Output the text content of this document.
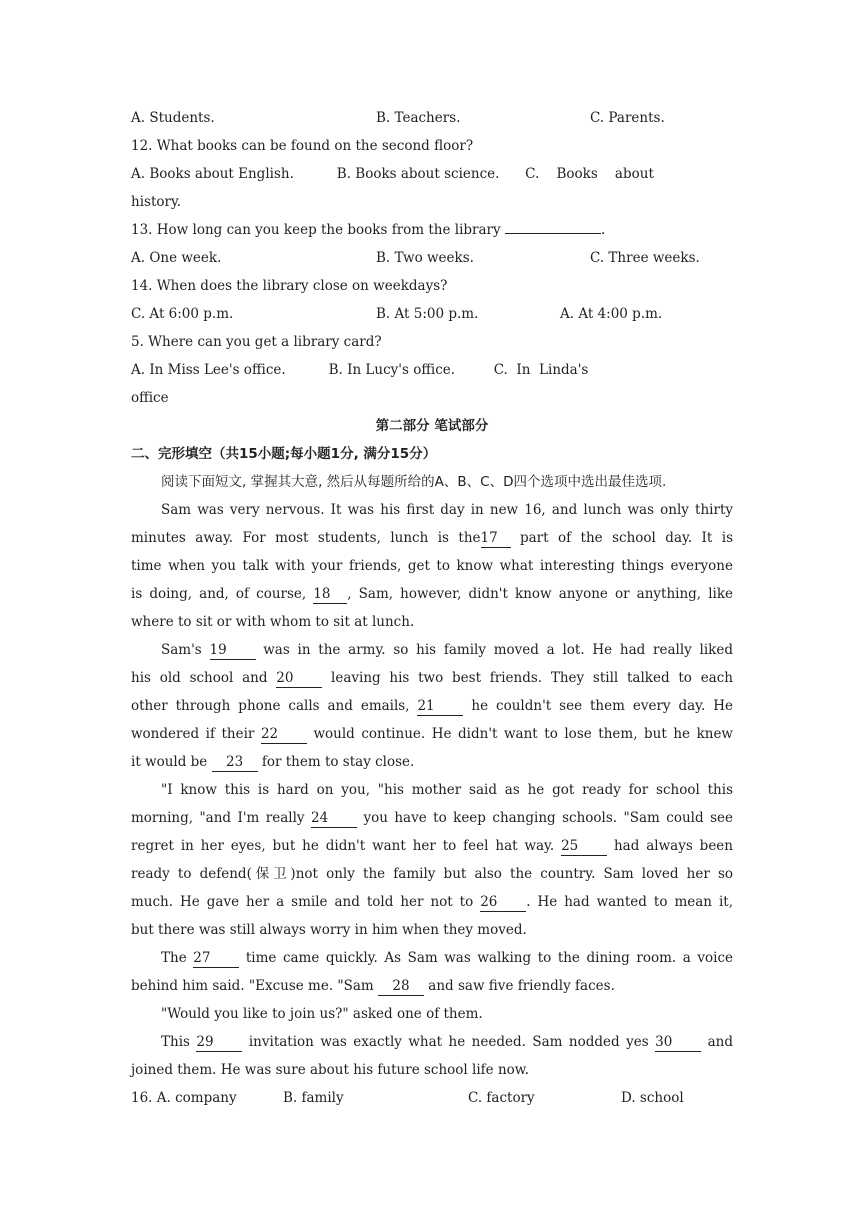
A. Students.	B. Teachers.	C. Parents.
12. What books can be found on the second floor?
A. Books about English.          B. Books about science.      C.    Books    about
history.
13. How long can you keep the books from the library	.
A. One week.	B. Two weeks.	C. Three weeks.
14. When does the library close on weekdays?
C. At 6:00 p.m.	B. At 5:00 p.m.	A. At 4:00 p.m.
5. Where can you get a library card?
A. In Miss Lee's office.          B. In Lucy's office.         C.  In  Linda's
office
第二部分 笔试部分
二、完形填空（共15小题;每小题1分, 满分15分）
阅读下面短文, 掌握其大意, 然后从每题所给的A、B、C、D四个选项中选出最佳选项.
Sam was very nervous. It was his first day in new 16, and lunch was only thirty
minutes away. For most students, lunch is the17 part of the school day. It is
time when you talk with your friends, get to know what interesting things everyone
is doing, and, of course, 18 , Sam, however, didn't know anyone or anything, like
where to sit or with whom to sit at lunch.
Sam's 19 was in the army. so his family moved a lot. He had really liked
his old school and 20 leaving his two best friends. They still talked to each
other through phone calls and emails, 21 he couldn't see them every day. He
wondered if their 22 would continue. He didn't want to lose them, but he knew
it would be 23 for them to stay close.
"I know this is hard on you, "his mother said as he got ready for school this
morning, "and I'm really 24 you have to keep changing schools. "Sam could see
regret in her eyes, but he didn't want her to feel hat way. 25 had always been
ready to defend(保卫)not only the family but also the country. Sam loved her so
much. He gave her a smile and told her not to 26 . He had wanted to mean it,
but there was still always worry in him when they moved.
The 27 time came quickly. As Sam was walking to the dining room. a voice
behind him said. "Excuse me. "Sam 28 and saw five friendly faces.
"Would you like to join us?" asked one of them.
This 29 invitation was exactly what he needed. Sam nodded yes 30 and
joined them. He was sure about his future school life now.
16. A. company	B. family	C. factory	D. school
